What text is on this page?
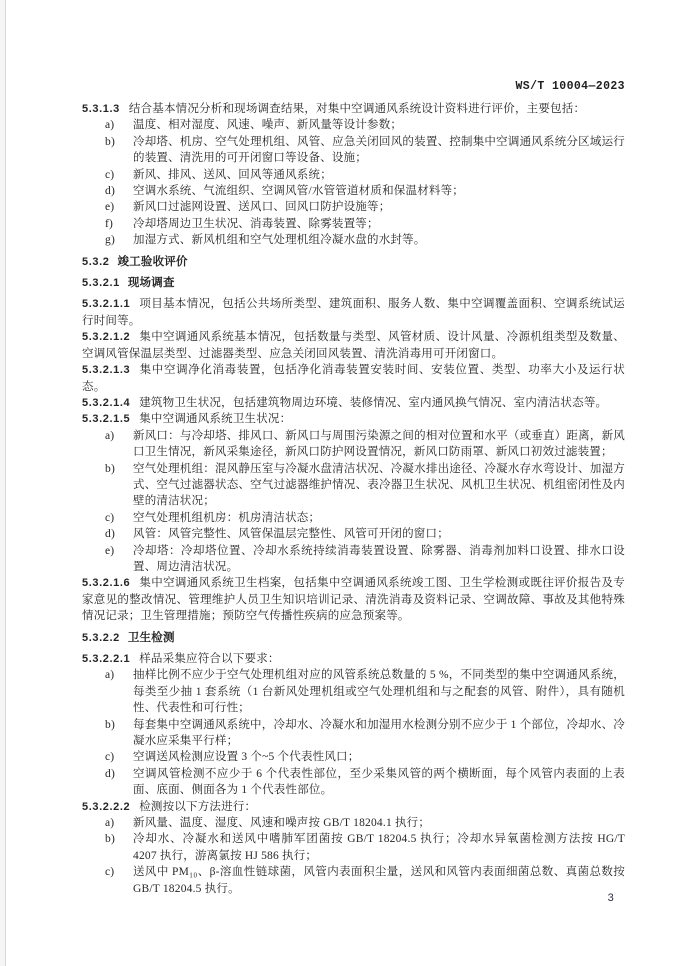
WS/T 10004—2023

5.3.1.3 结合基本情况分析和现场调查结果，对集中空调通风系统设计资料进行评价，主要包括：

a) 温度、相对湿度、风速、噪声、新风量等设计参数；
b) 冷却塔、机房、空气处理机组、风管、应急关闭回风的装置、控制集中空调通风系统分区域运行的装置、清洗用的可开闭窗口等设备、设施；
c) 新风、排风、送风、回风等通风系统；
d) 空调水系统、气流组织、空调风管/水管管道材质和保温材料等；
e) 新风口过滤网设置、送风口、回风口防护设施等；
f) 冷却塔周边卫生状况、消毒装置、除雾装置等；
g) 加湿方式、新风机组和空气处理机组冷凝水盘的水封等。
5.3.2 竣工验收评价
5.3.2.1 现场调查

5.3.2.1.1 项目基本情况，包括公共场所类型、建筑面积、服务人数、集中空调覆盖面积、空调系统试运行时间等。

5.3.2.1.2 集中空调通风系统基本情况，包括数量与类型、风管材质、设计风量、冷源机组类型及数量、空调风管保温层类型、过滤器类型、应急关闭回风装置、清洗消毒用可开闭窗口。

5.3.2.1.3 集中空调净化消毒装置，包括净化消毒装置安装时间、安装位置、类型、功率大小及运行状态。

5.3.2.1.4 建筑物卫生状况，包括建筑物周边环境、装修情况、室内通风换气情况、室内清洁状态等。

5.3.2.1.5 集中空调通风系统卫生状况：

a) 新风口：与冷却塔、排风口、新风口与周围污染源之间的相对位置和水平（或垂直）距离，新风口卫生情况，新风采集途径，新风口防护网设置情况，新风口防雨罩、新风口初效过滤装置；
b) 空气处理机组：混风静压室与冷凝水盘清洁状况、冷凝水排出途径、冷凝水存水弯设计、加湿方式、空气过滤器状态、空气过滤器维护情况、表冷器卫生状况、风机卫生状况、机组密闭性及内壁的清洁状况；
c) 空气处理机组机房：机房清洁状态；
d) 风管：风管完整性、风管保温层完整性、风管可开闭的窗口；
e) 冷却塔：冷却塔位置、冷却水系统持续消毒装置设置、除雾器、消毒剂加料口设置、排水口设置、周边清洁状况。

5.3.2.1.6 集中空调通风系统卫生档案，包括集中空调通风系统竣工图、卫生学检测或既往评价报告及专家意见的整改情况、管理维护人员卫生知识培训记录、清洗消毒及资料记录、空调故障、事故及其他特殊情况记录；卫生管理措施；预防空气传播性疾病的应急预案等。

5.3.2.2 卫生检测

5.3.2.2.1 样品采集应符合以下要求：

a) 抽样比例不应少于空气处理机组对应的风管系统总数量的 5 %，不同类型的集中空调通风系统，每类至少抽 1 套系统（1 台新风处理机组或空气处理机组和与之配套的风管、附件），具有随机性、代表性和可行性；
b) 每套集中空调通风系统中，冷却水、冷凝水和加湿用水检测分别不应少于 1 个部位，冷却水、冷凝水应采集平行样；
c) 空调送风检测应设置 3 个~5 个代表性风口；
d) 空调风管检测不应少于 6 个代表性部位，至少采集风管的两个横断面，每个风管内表面的上表面、底面、侧面各为 1 个代表性部位。

5.3.2.2.2 检测按以下方法进行：

a) 新风量、温度、湿度、风速和噪声按 GB/T 18204.1 执行；
b) 冷却水、冷凝水和送风中嗜肺军团菌按 GB/T 18204.5 执行；冷却水异氧菌检测方法按 HG/T 4207 执行，游离氯按 HJ 586 执行；
c) 送风中 PM₁₀、β-溶血性链球菌，风管内表面积尘量，送风和风管内表面细菌总数、真菌总数按 GB/T 18204.5 执行。
3
